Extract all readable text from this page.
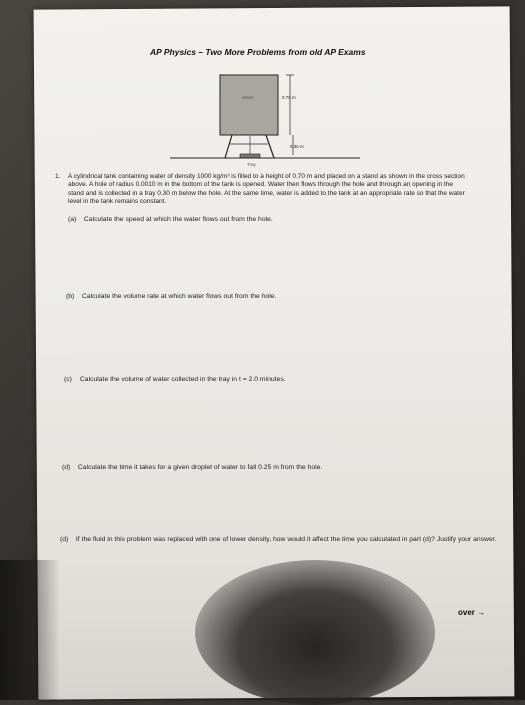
AP Physics – Two More Problems from old AP Exams
Water	0.70 m
0.30 m
Tray
1. A cylindrical tank containing water of density 1000 kg/m³ is filled to a height of 0.70 m and placed on a stand as shown in the cross section above. A hole of radius 0.0010 m in the bottom of the tank is opened. Water then flows through the hole and through an opening in the stand and is collected in a tray 0.30 m below the hole. At the same time, water is added to the tank at an appropriate rate so that the water level in the tank remains constant.
(a) Calculate the speed at which the water flows out from the hole.
(b) Calculate the volume rate at which water flows out from the hole.
(c) Calculate the volume of water collected in the tray in t = 2.0 minutes.
(d) Calculate the time it takes for a given droplet of water to fall 0.25 m from the hole.
(d) If the fluid in this problem was replaced with one of lower density, how would it affect the time you calculated in part (d)? Justify your answer.
over →
